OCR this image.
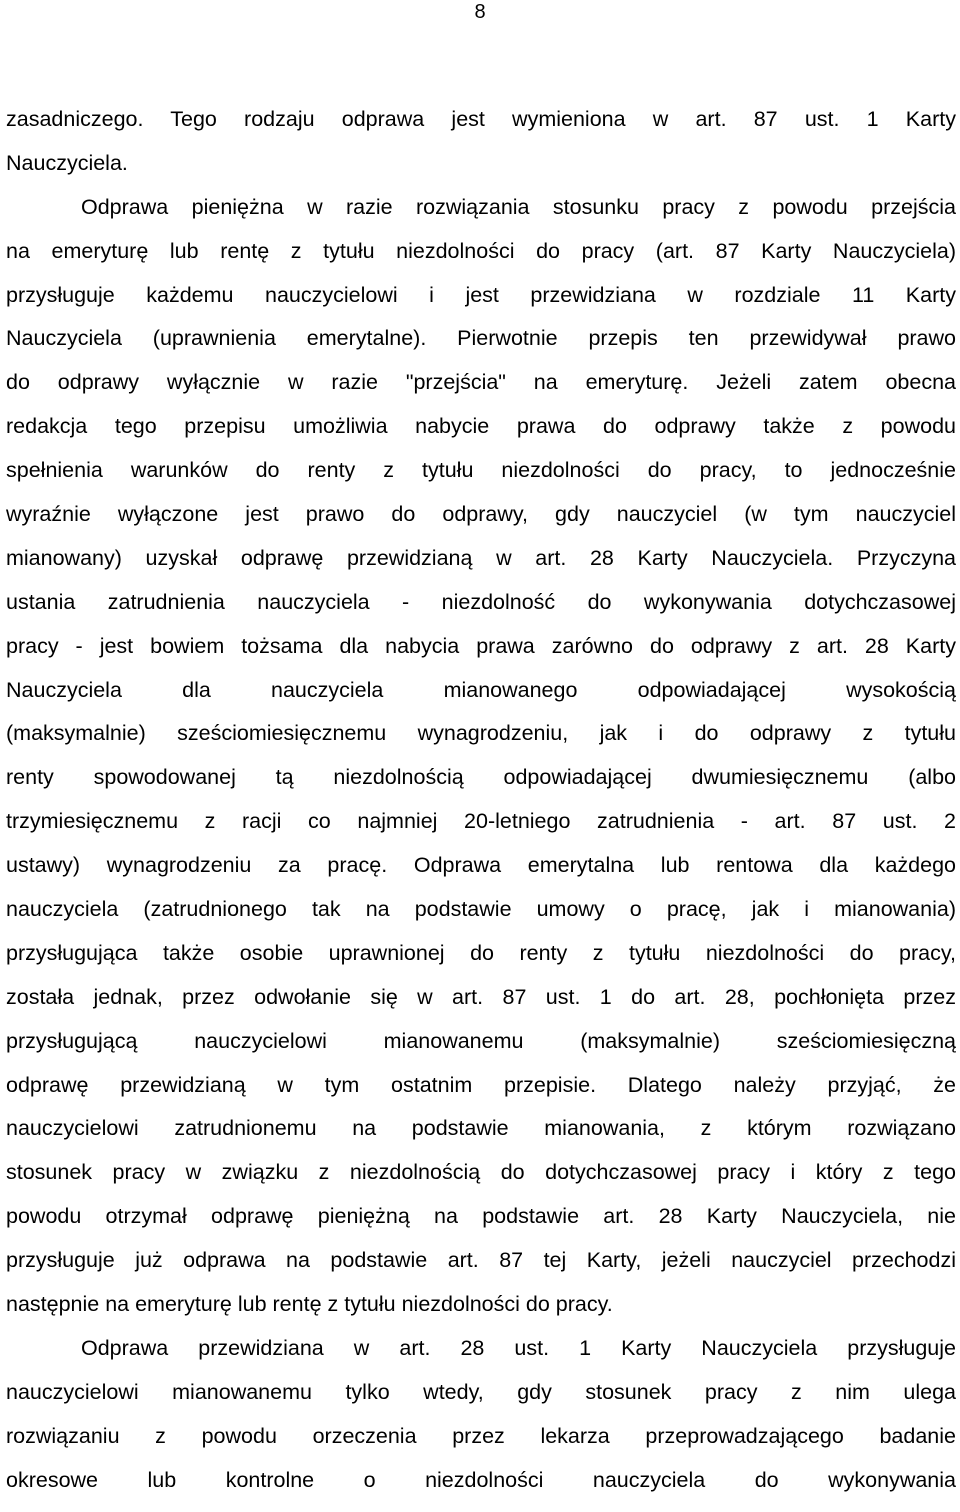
8
zasadniczego. Tego rodzaju odprawa jest wymieniona w art. 87 ust. 1 Karty
Nauczyciela.
Odprawa pieniężna w razie rozwiązania stosunku pracy z powodu przejścia
na emeryturę lub rentę z tytułu niezdolności do pracy (art. 87 Karty Nauczyciela)
przysługuje każdemu nauczycielowi i jest przewidziana w rozdziale 11 Karty
Nauczyciela (uprawnienia emerytalne). Pierwotnie przepis ten przewidywał prawo
do odprawy wyłącznie w razie "przejścia" na emeryturę. Jeżeli zatem obecna
redakcja tego przepisu umożliwia nabycie prawa do odprawy także z powodu
spełnienia warunków do renty z tytułu niezdolności do pracy, to jednocześnie
wyraźnie wyłączone jest prawo do odprawy, gdy nauczyciel (w tym nauczyciel
mianowany) uzyskał odprawę przewidzianą w art. 28 Karty Nauczyciela. Przyczyna
ustania zatrudnienia nauczyciela - niezdolność do wykonywania dotychczasowej
pracy - jest bowiem tożsama dla nabycia prawa zarówno do odprawy z art. 28 Karty
Nauczyciela dla nauczyciela mianowanego odpowiadającej wysokością
(maksymalnie) sześciomiesięcznemu wynagrodzeniu, jak i do odprawy z tytułu
renty spowodowanej tą niezdolnością odpowiadającej dwumiesięcznemu (albo
trzymiesięcznemu z racji co najmniej 20-letniego zatrudnienia - art. 87 ust. 2
ustawy) wynagrodzeniu za pracę. Odprawa emerytalna lub rentowa dla każdego
nauczyciela (zatrudnionego tak na podstawie umowy o pracę, jak i mianowania)
przysługująca także osobie uprawnionej do renty z tytułu niezdolności do pracy,
została jednak, przez odwołanie się w art. 87 ust. 1 do art. 28, pochłonięta przez
przysługującą nauczycielowi mianowanemu (maksymalnie) sześciomiesięczną
odprawę przewidzianą w tym ostatnim przepisie. Dlatego należy przyjąć, że
nauczycielowi zatrudnionemu na podstawie mianowania, z którym rozwiązano
stosunek pracy w związku z niezdolnością do dotychczasowej pracy i który z tego
powodu otrzymał odprawę pieniężną na podstawie art. 28 Karty Nauczyciela, nie
przysługuje już odprawa na podstawie art. 87 tej Karty, jeżeli nauczyciel przechodzi
następnie na emeryturę lub rentę z tytułu niezdolności do pracy.
Odprawa przewidziana w art. 28 ust. 1 Karty Nauczyciela przysługuje
nauczycielowi mianowanemu tylko wtedy, gdy stosunek pracy z nim ulega
rozwiązaniu z powodu orzeczenia przez lekarza przeprowadzającego badanie
okresowe lub kontrolne o niezdolności nauczyciela do wykonywania
